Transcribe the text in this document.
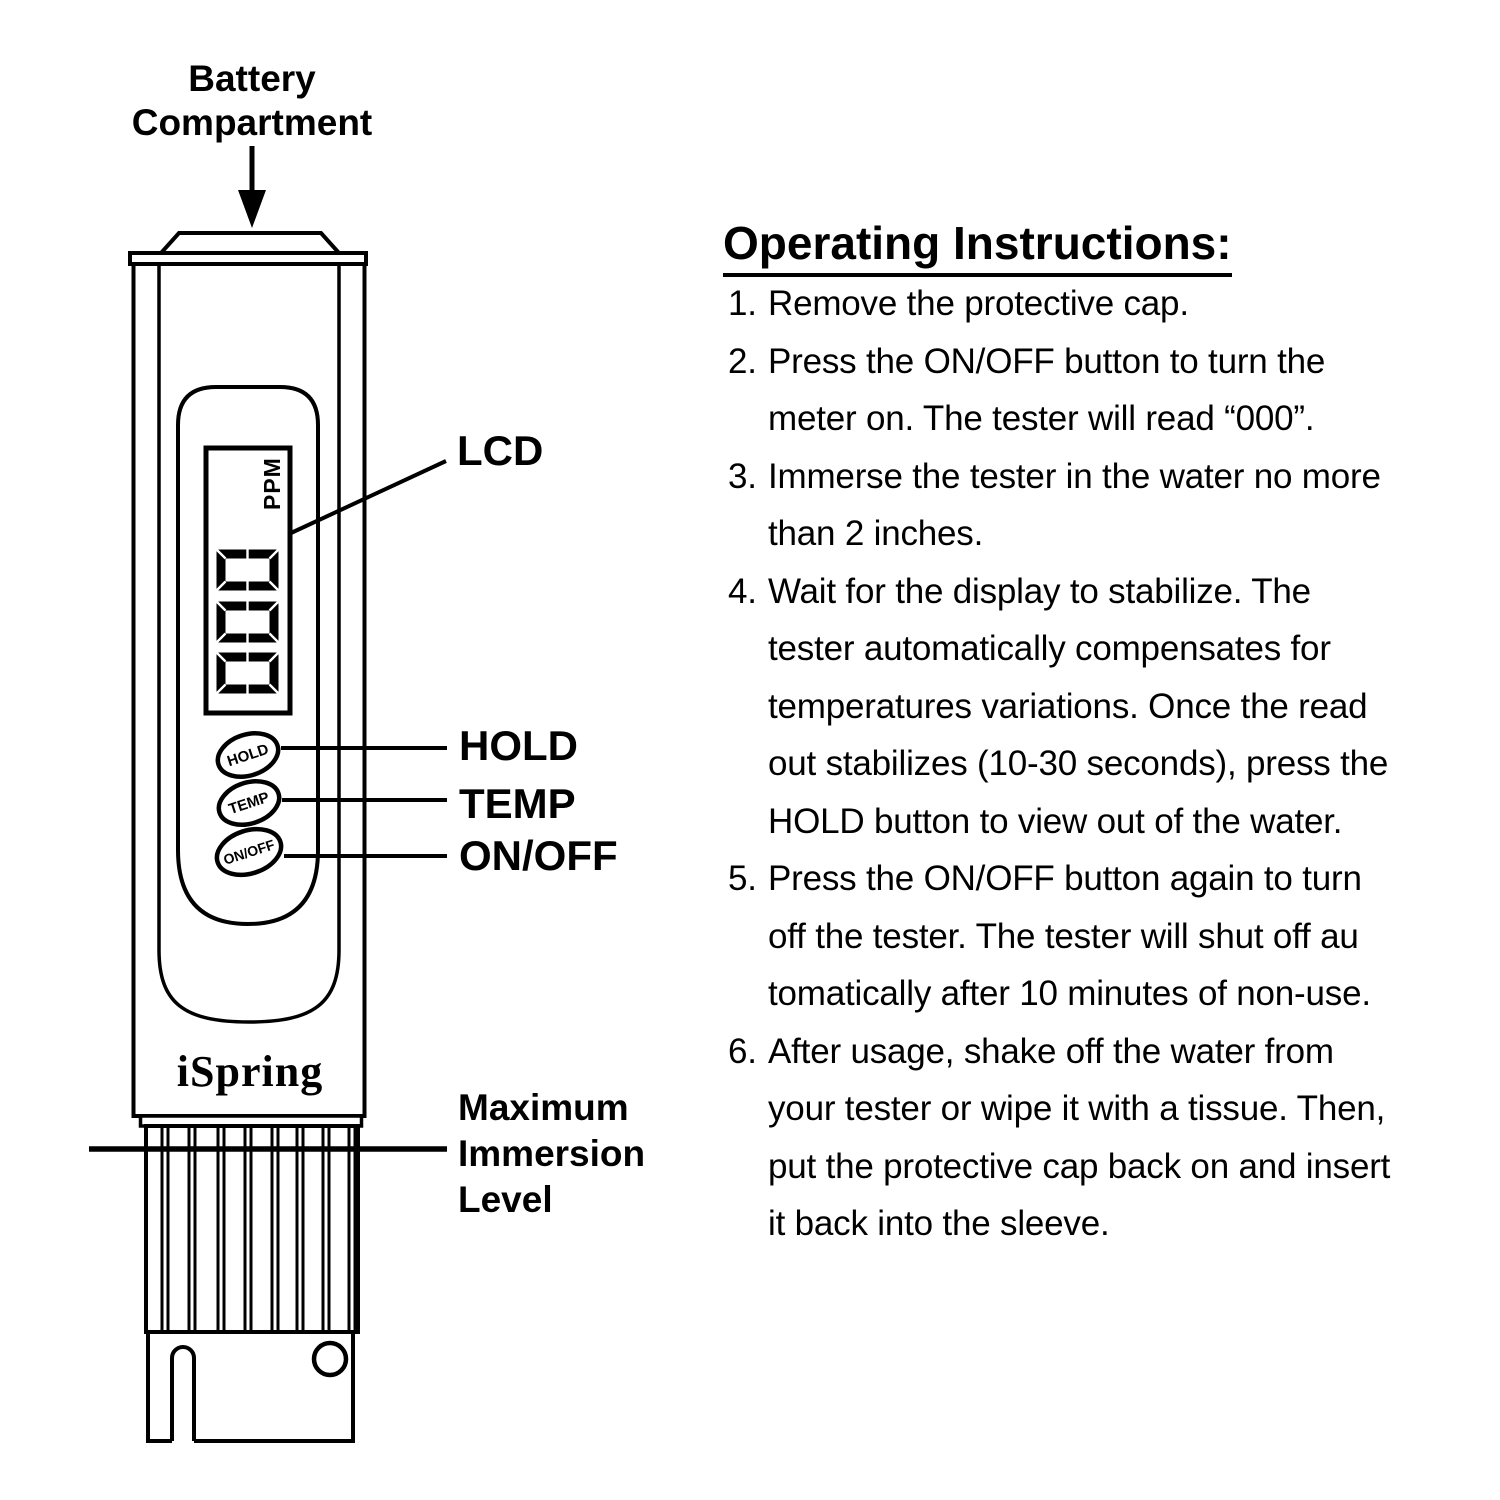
Battery
Compartment
PPM
HOLD
TEMP
ON/OFF
LCD
HOLD
TEMP
ON/OFF
Maximum
Immersion
Level
iSpring
Operating Instructions:
1. Remove the protective cap.
2. Press the ON/OFF button to turn the
meter on. The tester will read “000”.
3. Immerse the tester in the water no more
than 2 inches.
4. Wait for the display to stabilize. The
tester automatically compensates for
temperatures variations. Once the read
out stabilizes (10-30 seconds), press the
HOLD button to view out of the water.
5. Press the ON/OFF button again to turn
off the tester. The tester will shut off au
tomatically after 10 minutes of non-use.
6. After usage, shake off the water from
your tester or wipe it with a tissue. Then,
put the protective cap back on and insert
it back into the sleeve.
